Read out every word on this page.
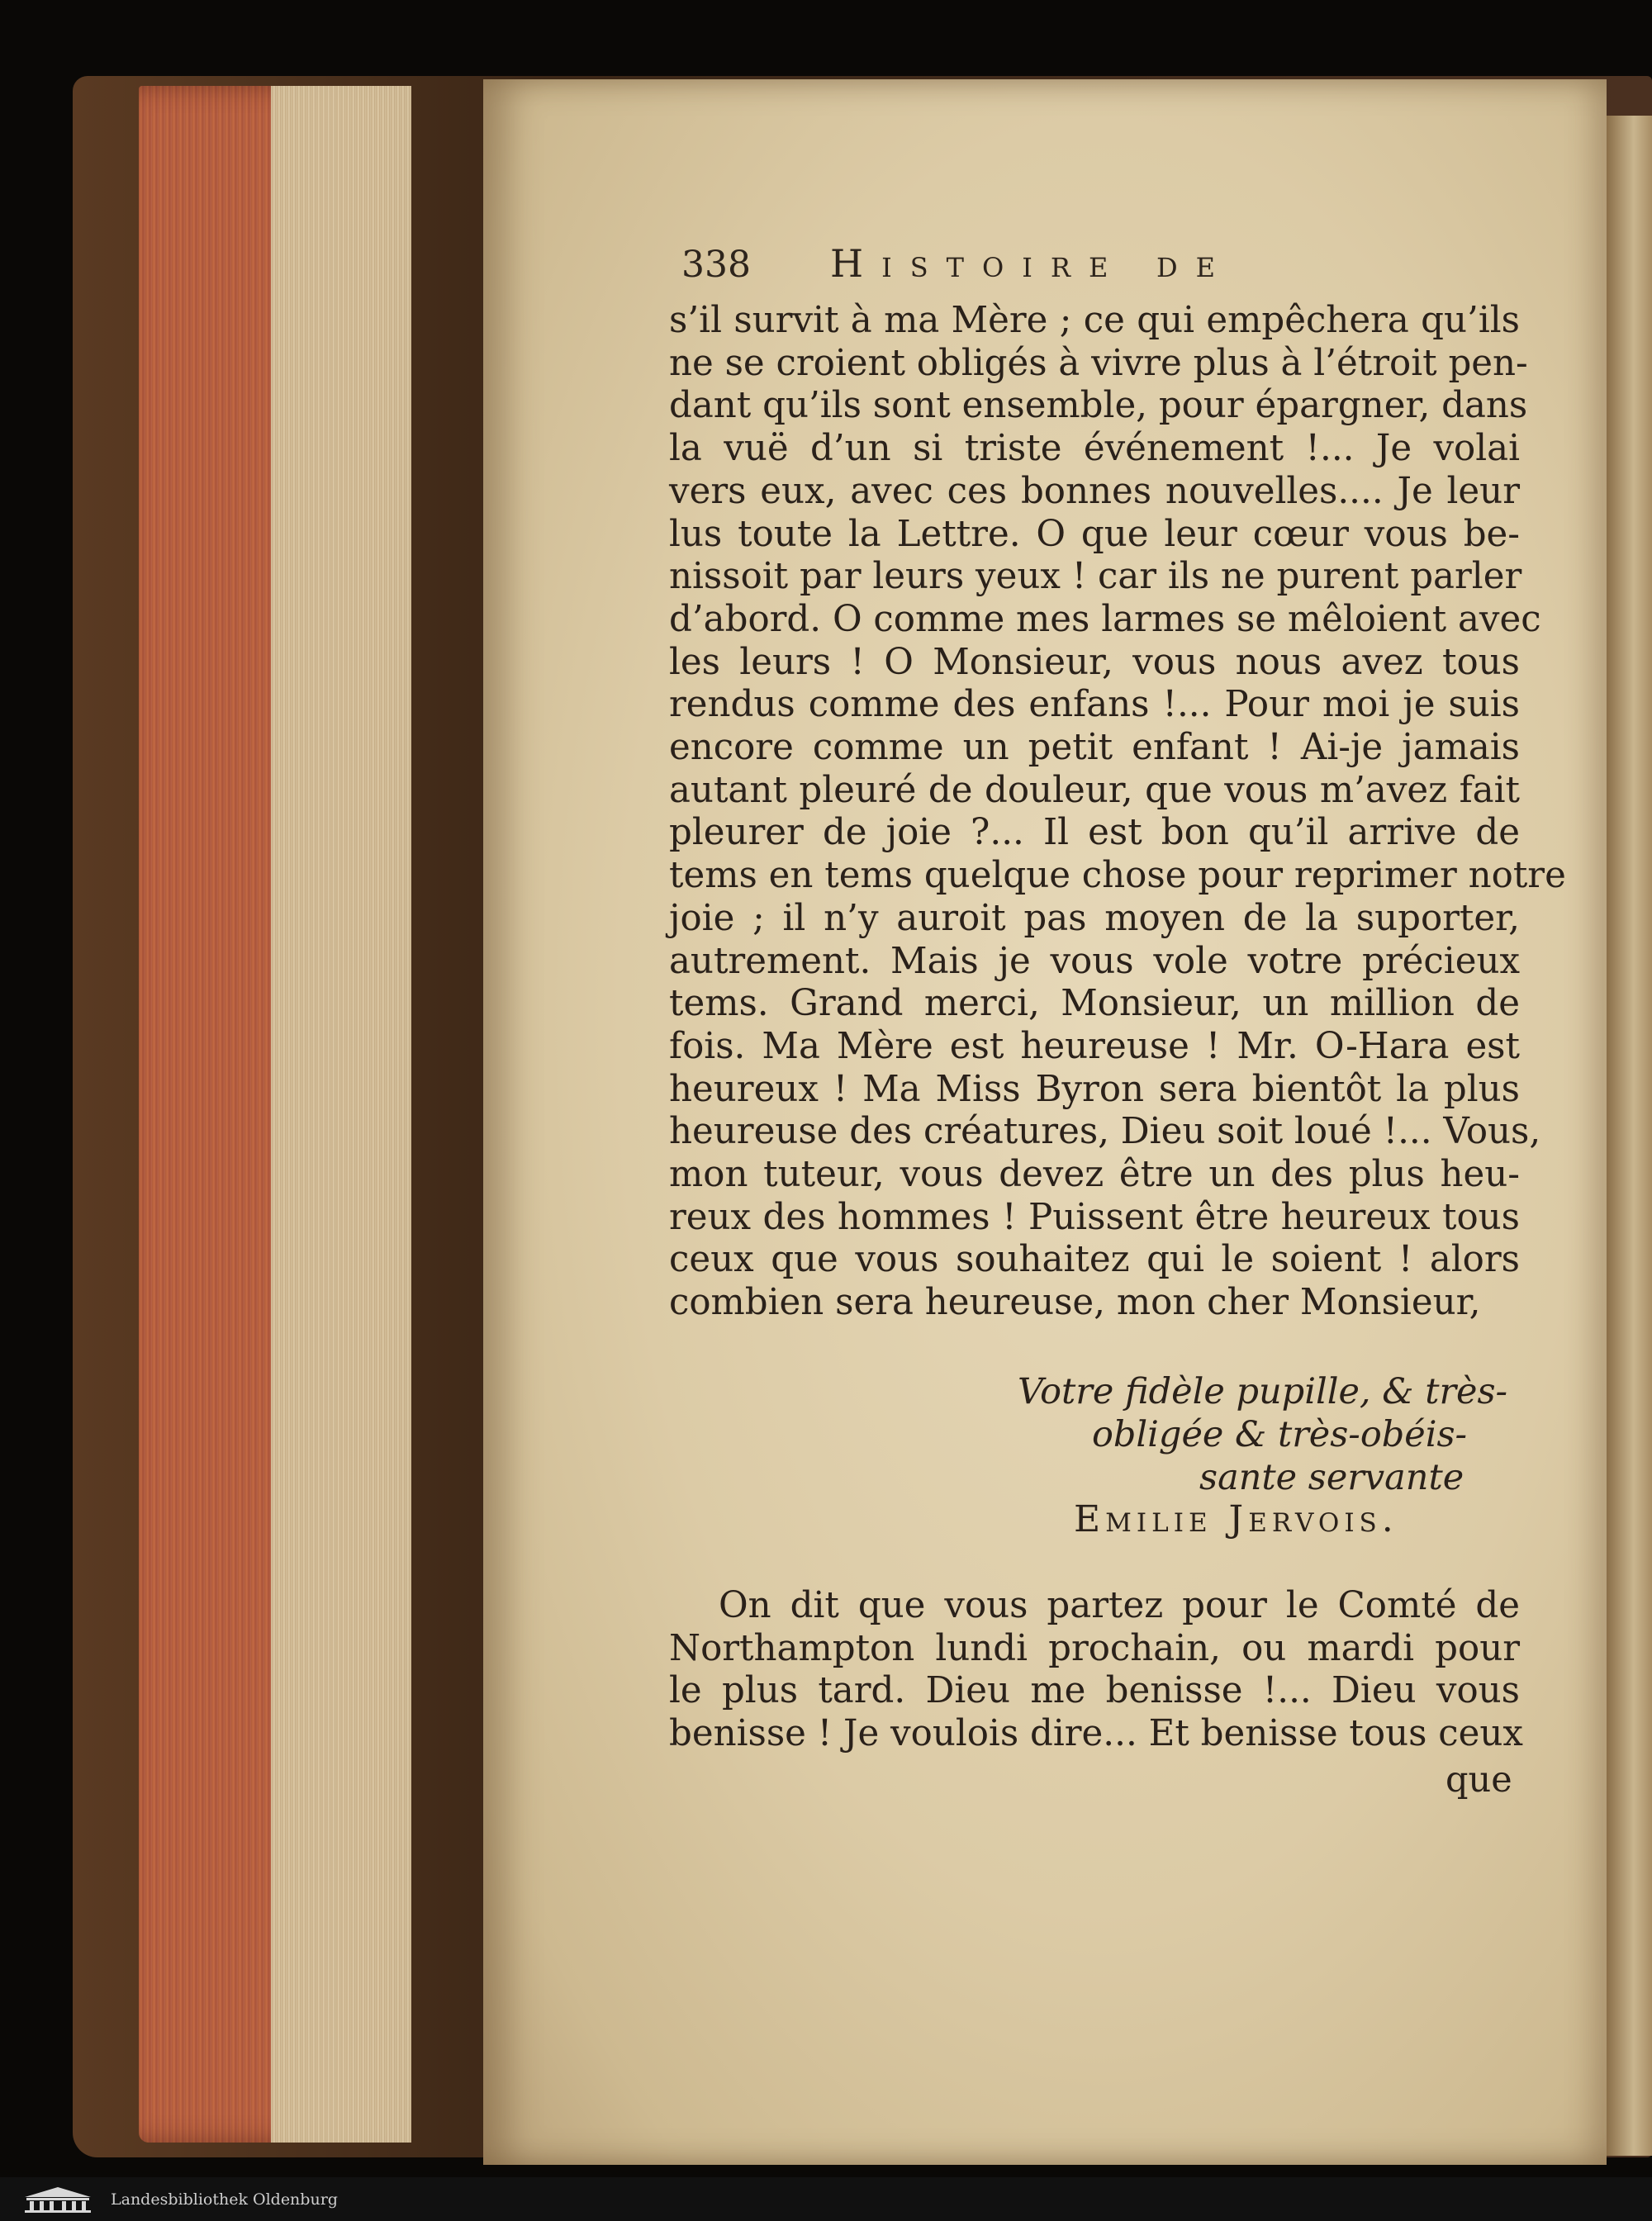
338 Histoire de
s’il survit à ma Mère ; ce qui empêchera qu’ils
ne se croient obligés à vivre plus à l’étroit pen-
dant qu’ils sont ensemble, pour épargner, dans
la vuë d’un si triste événement !... Je volai
vers eux, avec ces bonnes nouvelles.... Je leur
lus toute la Lettre. O que leur cœur vous be-
nissoit par leurs yeux ! car ils ne purent parler
d’abord. O comme mes larmes se mêloient avec
les leurs ! O Monsieur, vous nous avez tous
rendus comme des enfans !... Pour moi je suis
encore comme un petit enfant ! Ai-je jamais
autant pleuré de douleur, que vous m’avez fait
pleurer de joie ?... Il est bon qu’il arrive de
tems en tems quelque chose pour reprimer notre
joie ; il n’y auroit pas moyen de la suporter,
autrement. Mais je vous vole votre précieux
tems. Grand merci, Monsieur, un million de
fois. Ma Mère est heureuse ! Mr. O-Hara est
heureux ! Ma Miss Byron sera bientôt la plus
heureuse des créatures, Dieu soit loué !... Vous,
mon tuteur, vous devez être un des plus heu-
reux des hommes ! Puissent être heureux tous
ceux que vous souhaitez qui le soient ! alors
combien sera heureuse, mon cher Monsieur,
Votre fidèle pupille, & très-
obligée & très-obéis-
sante servante
Emilie Jervois.
On dit que vous partez pour le Comté de
Northampton lundi prochain, ou mardi pour
le plus tard. Dieu me benisse !... Dieu vous
benisse ! Je voulois dire... Et benisse tous ceux
que
Landesbibliothek Oldenburg
